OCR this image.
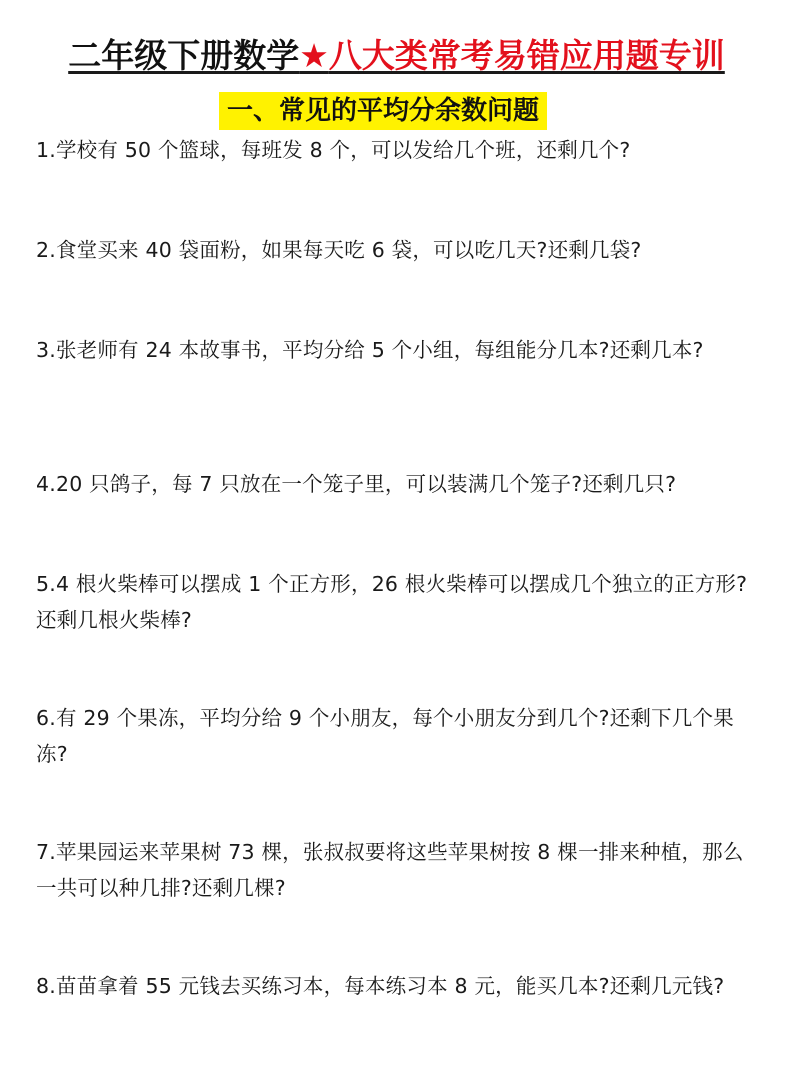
二年级下册数学★八大类常考易错应用题专训
一、常见的平均分余数问题
1.学校有 50 个篮球，每班发 8 个，可以发给几个班，还剩几个?
2.食堂买来 40 袋面粉，如果每天吃 6 袋，可以吃几天?还剩几袋?
3.张老师有 24 本故事书，平均分给 5 个小组，每组能分几本?还剩几本?
4.20 只鸽子，每 7 只放在一个笼子里，可以装满几个笼子?还剩几只?
5.4 根火柴棒可以摆成 1 个正方形，26 根火柴棒可以摆成几个独立的正方形?还剩几根火柴棒?
6.有 29 个果冻，平均分给 9 个小朋友，每个小朋友分到几个?还剩下几个果冻?
7.苹果园运来苹果树 73 棵，张叔叔要将这些苹果树按 8 棵一排来种植，那么一共可以种几排?还剩几棵?
8.苗苗拿着 55 元钱去买练习本，每本练习本 8 元，能买几本?还剩几元钱?
